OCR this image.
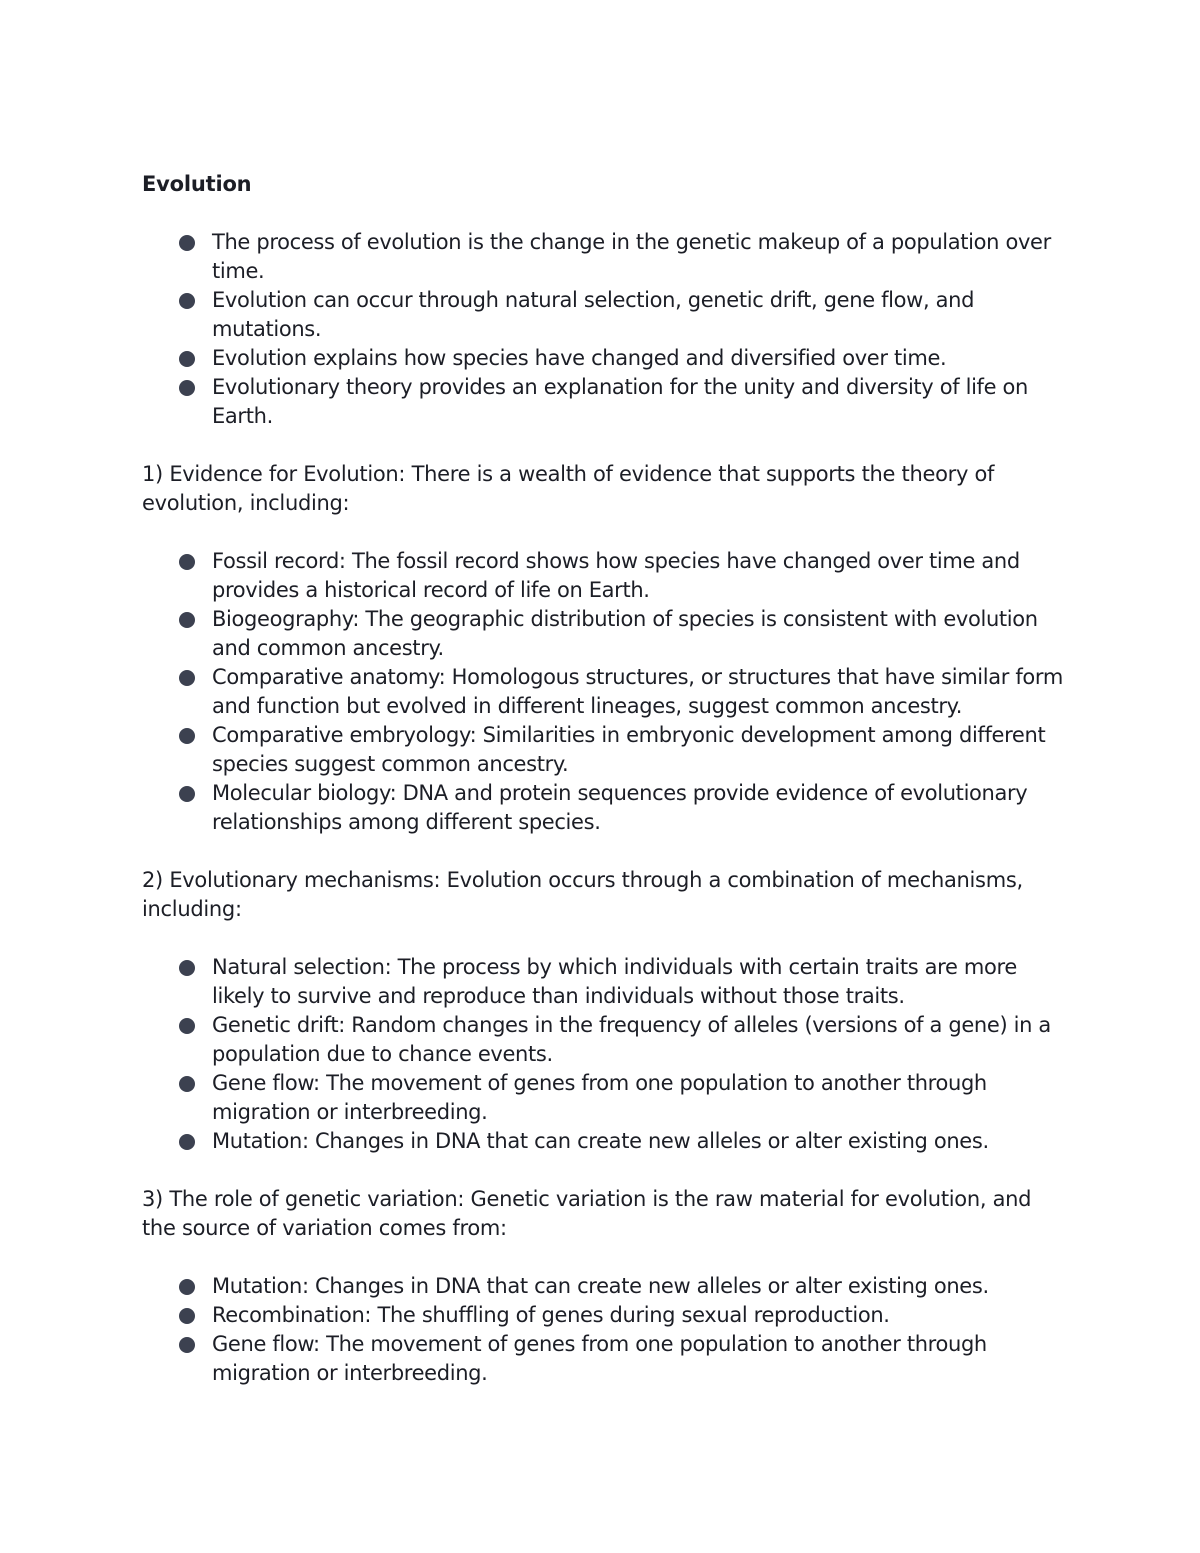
Evolution
The process of evolution is the change in the genetic makeup of a population over time.
Evolution can occur through natural selection, genetic drift, gene flow, and mutations.
Evolution explains how species have changed and diversified over time.
Evolutionary theory provides an explanation for the unity and diversity of life on Earth.

1) Evidence for Evolution: There is a wealth of evidence that supports the theory of evolution, including:

Fossil record: The fossil record shows how species have changed over time and provides a historical record of life on Earth.
Biogeography: The geographic distribution of species is consistent with evolution and common ancestry.
Comparative anatomy: Homologous structures, or structures that have similar form and function but evolved in different lineages, suggest common ancestry.
Comparative embryology: Similarities in embryonic development among different species suggest common ancestry.
Molecular biology: DNA and protein sequences provide evidence of evolutionary relationships among different species.

2) Evolutionary mechanisms: Evolution occurs through a combination of mechanisms, including:

Natural selection: The process by which individuals with certain traits are more likely to survive and reproduce than individuals without those traits.
Genetic drift: Random changes in the frequency of alleles (versions of a gene) in a population due to chance events.
Gene flow: The movement of genes from one population to another through migration or interbreeding.
Mutation: Changes in DNA that can create new alleles or alter existing ones.

3) The role of genetic variation: Genetic variation is the raw material for evolution, and the source of variation comes from:

Mutation: Changes in DNA that can create new alleles or alter existing ones.
Recombination: The shuffling of genes during sexual reproduction.
Gene flow: The movement of genes from one population to another through migration or interbreeding.
